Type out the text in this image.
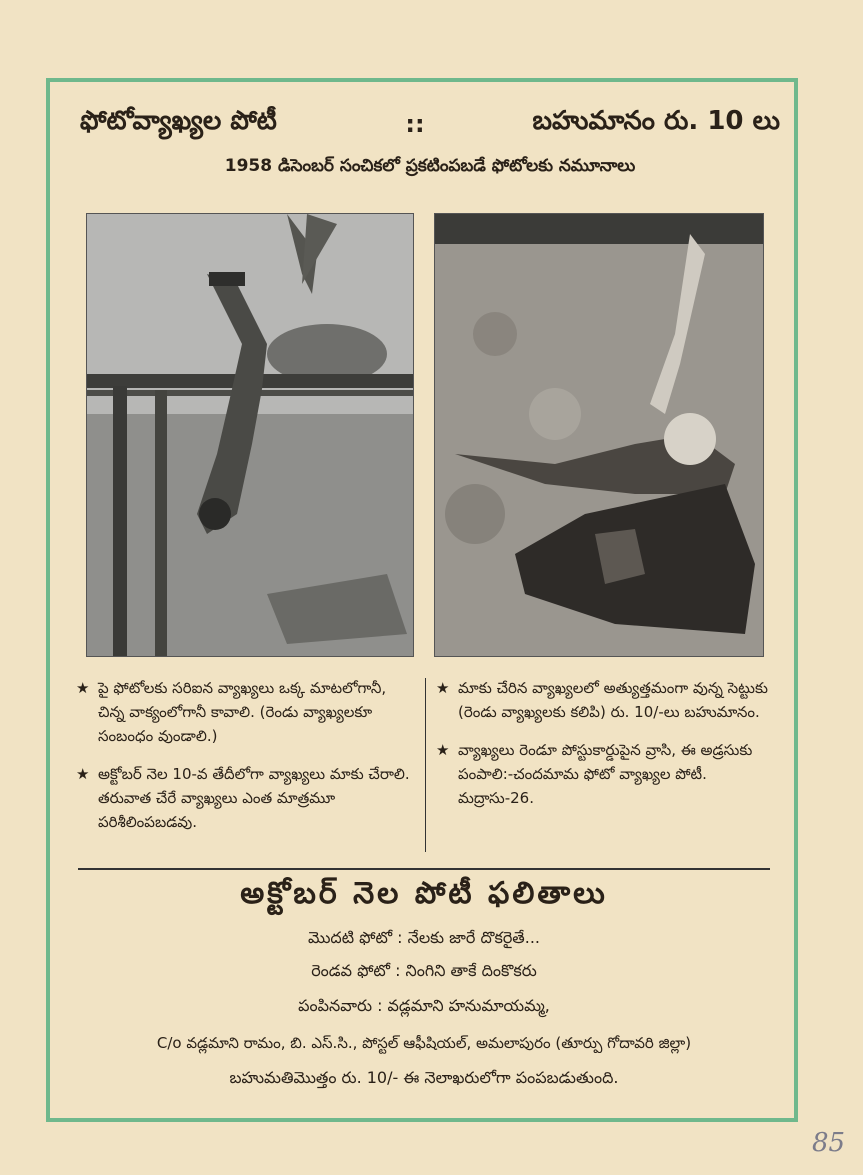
ఫోటోవ్యాఖ్యల పోటీ	::	బహుమానం రు. 10 లు
1958 డిసెంబర్ సంచికలో ప్రకటింపబడే ఫోటోలకు నమూనాలు
★ పై ఫోటోలకు సరిఐన వ్యాఖ్యలు ఒక్క మాటలోగానీ, చిన్న వాక్యంలోగానీ కావాలి. (రెండు వ్యాఖ్యలకూ సంబంధం వుండాలి.)
★ అక్టోబర్ నెల 10-వ తేదీలోగా వ్యాఖ్యలు మాకు చేరాలి. తరువాత చేరే వ్యాఖ్యలు ఎంత మాత్రమూ పరిశీలింపబడవు.
★ మాకు చేరిన వ్యాఖ్యలలో అత్యుత్తమంగా వున్న సెట్టుకు (రెండు వ్యాఖ్యలకు కలిపి) రు. 10/-లు బహుమానం.
★ వ్యాఖ్యలు రెండూ పోస్టుకార్డుపైన వ్రాసి, ఈ అడ్రసుకు పంపాలి:-చందమామ ఫోటో వ్యాఖ్యల పోటీ. మద్రాసు-26.
అక్టోబర్ నెల పోటీ ఫలితాలు
మొదటి ఫోటో : నేలకు జారే దొకరైతే...
రెండవ ఫోటో : నింగిని తాకే దింకొకరు
పంపినవారు : వడ్లమాని హనుమాయమ్మ,
C/o వడ్లమాని రామం, బి. ఎస్.సి., పోస్టల్ ఆఫీషియల్, అమలాపురం (తూర్పు గోదావరి జిల్లా)
బహుమతిమొత్తం రు. 10/- ఈ నెలాఖరులోగా పంపబడుతుంది.
85
